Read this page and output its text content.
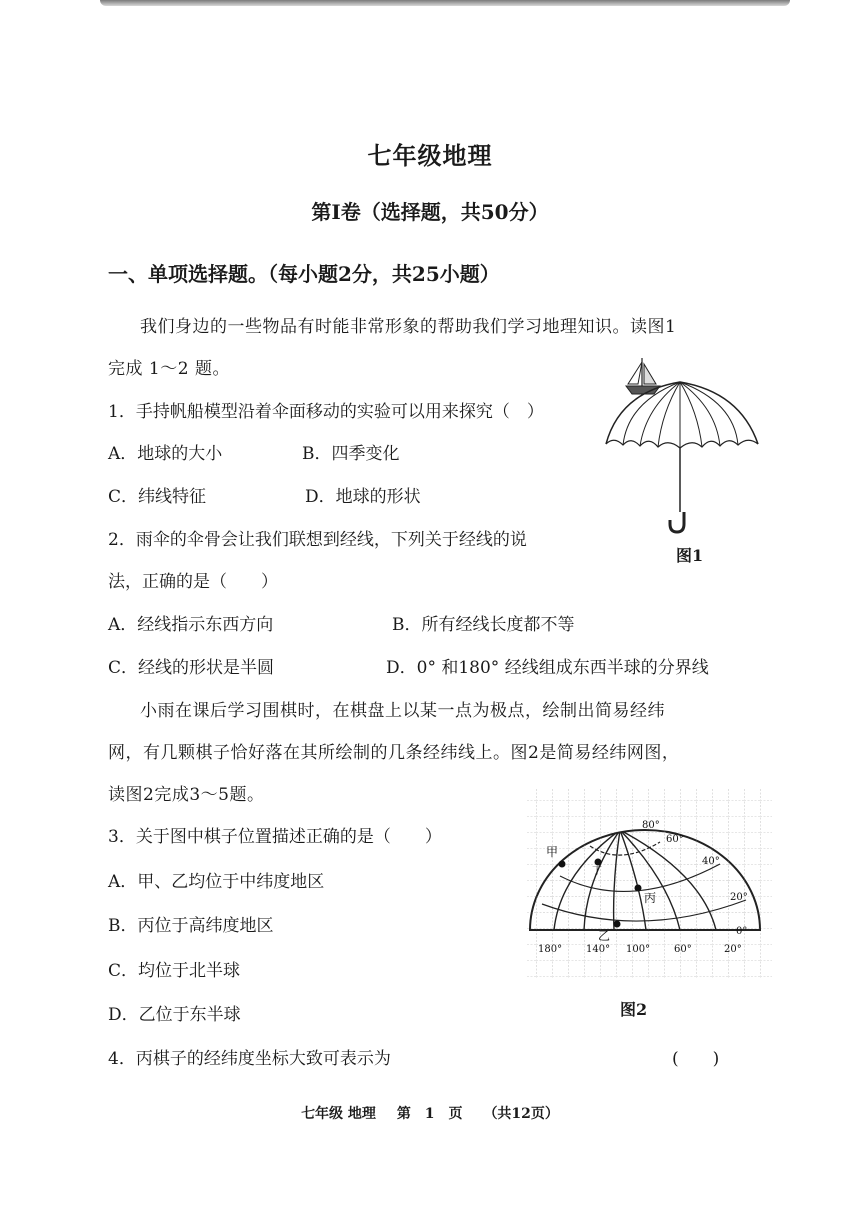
七年级地理
第Ⅰ卷（选择题，共50分）
一、单项选择题。（每小题2分，共25小题）
我们身边的一些物品有时能非常形象的帮助我们学习地理知识。读图1
完成 1～2 题。
1．手持帆船模型沿着伞面移动的实验可以用来探究（　）
A．地球的大小	B．四季变化
C．纬线特征	D．地球的形状
2．雨伞的伞骨会让我们联想到经线，下列关于经线的说
法，正确的是（　　）
A．经线指示东西方向	B．所有经线长度都不等
C．经线的形状是半圆	D．0° 和180° 经线组成东西半球的分界线
小雨在课后学习围棋时，在棋盘上以某一点为极点，绘制出简易经纬
网，有几颗棋子恰好落在其所绘制的几条经纬线上。图2是简易经纬网图，
读图2完成3～5题。
3．关于图中棋子位置描述正确的是（　　）
A．甲、乙均位于中纬度地区
B．丙位于高纬度地区
C．均位于北半球
D．乙位于东半球
4．丙棋子的经纬度坐标大致可表示为	(　　)
图1
甲
丁
丙
乙
80°
60°
40°
20°
0°
180° 140° 100° 60°	20°
图2
七年级 地理 第　1　页 （共12页）
